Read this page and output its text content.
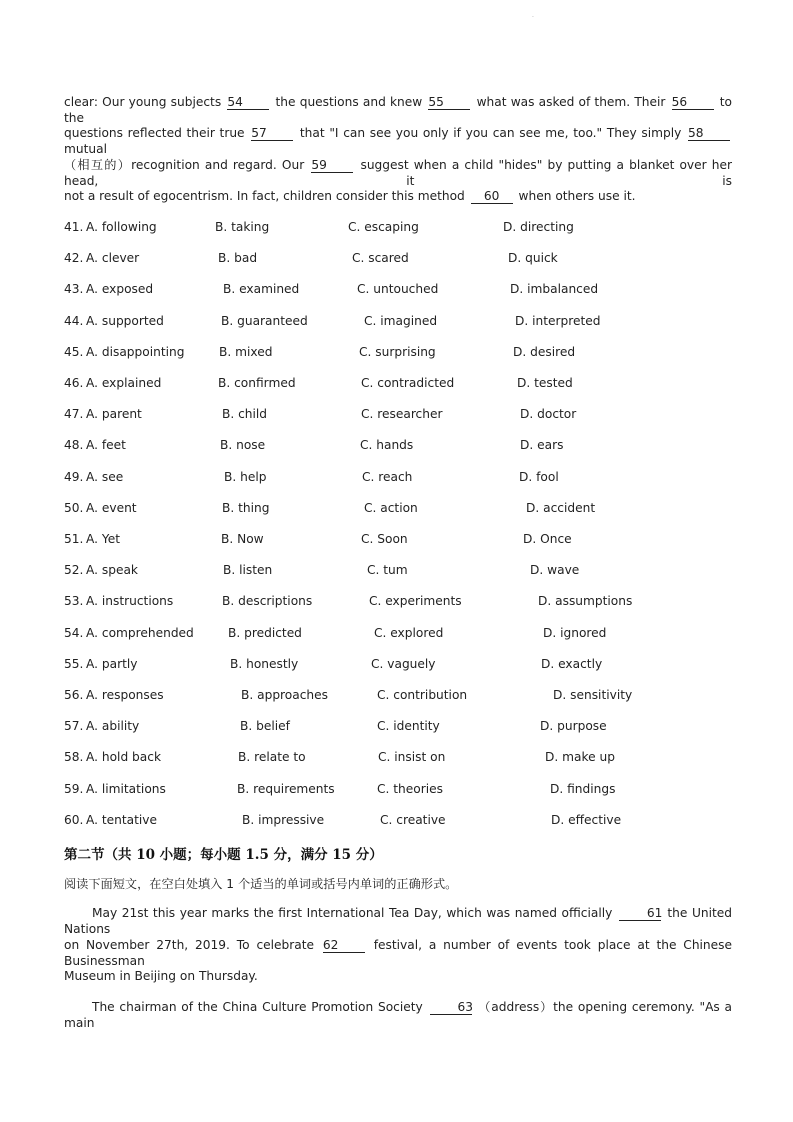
·
clear: Our young subjects 54	the questions and knew 55	what was asked of them. Their 56	to the
questions reflected their true 57	that "I can see you only if you can see me, too." They simply 58 mutual
（相互的）recognition and regard. Our 59	suggest when a child "hides" by putting a blanket over her head, it is
not a result of egocentrism. In fact, children consider this method 60 when others use it.
41. A. following	B. taking	C. escaping	D. directing
42. A. clever	B. bad	C. scared	D. quick
43. A. exposed	B. examined	C. untouched	D. imbalanced
44. A. supported	B. guaranteed	C. imagined	D. interpreted
45. A. disappointing	B. mixed	C. surprising	D. desired
46. A. explained	B. confirmed	C. contradicted	D. tested
47. A. parent	B. child	C. researcher	D. doctor
48. A. feet	B. nose	C. hands	D. ears
49. A. see	B. help	C. reach	D. fool
50. A. event	B. thing	C. action	D. accident
51. A. Yet	B. Now	C. Soon	D. Once
52. A. speak	B. listen	C. tum	D. wave
53. A. instructions	B. descriptions	C. experiments	D. assumptions
54. A. comprehended	B. predicted	C. explored	D. ignored
55. A. partly	B. honestly	C. vaguely	D. exactly
56. A. responses	B. approaches	C. contribution	D. sensitivity
57. A. ability	B. belief	C. identity	D. purpose
58. A. hold back	B. relate to	C. insist on	D. make up
59. A. limitations	B. requirements	C. theories	D. findings
60. A. tentative	B. impressive	C. creative	D. effective
第二节（共 10 小题；每小题 1.5 分，满分 15 分）
阅读下面短文，在空白处填入 1 个适当的单词或括号内单词的正确形式。
May 21st this year marks the first International Tea Day, which was named officially	61 the United Nations
on November 27th, 2019. To celebrate 62	festival, a number of events took place at the Chinese Businessman
Museum in Beijing on Thursday.
The chairman of the China Culture Promotion Society	63 （address）the opening ceremony. "As a main
